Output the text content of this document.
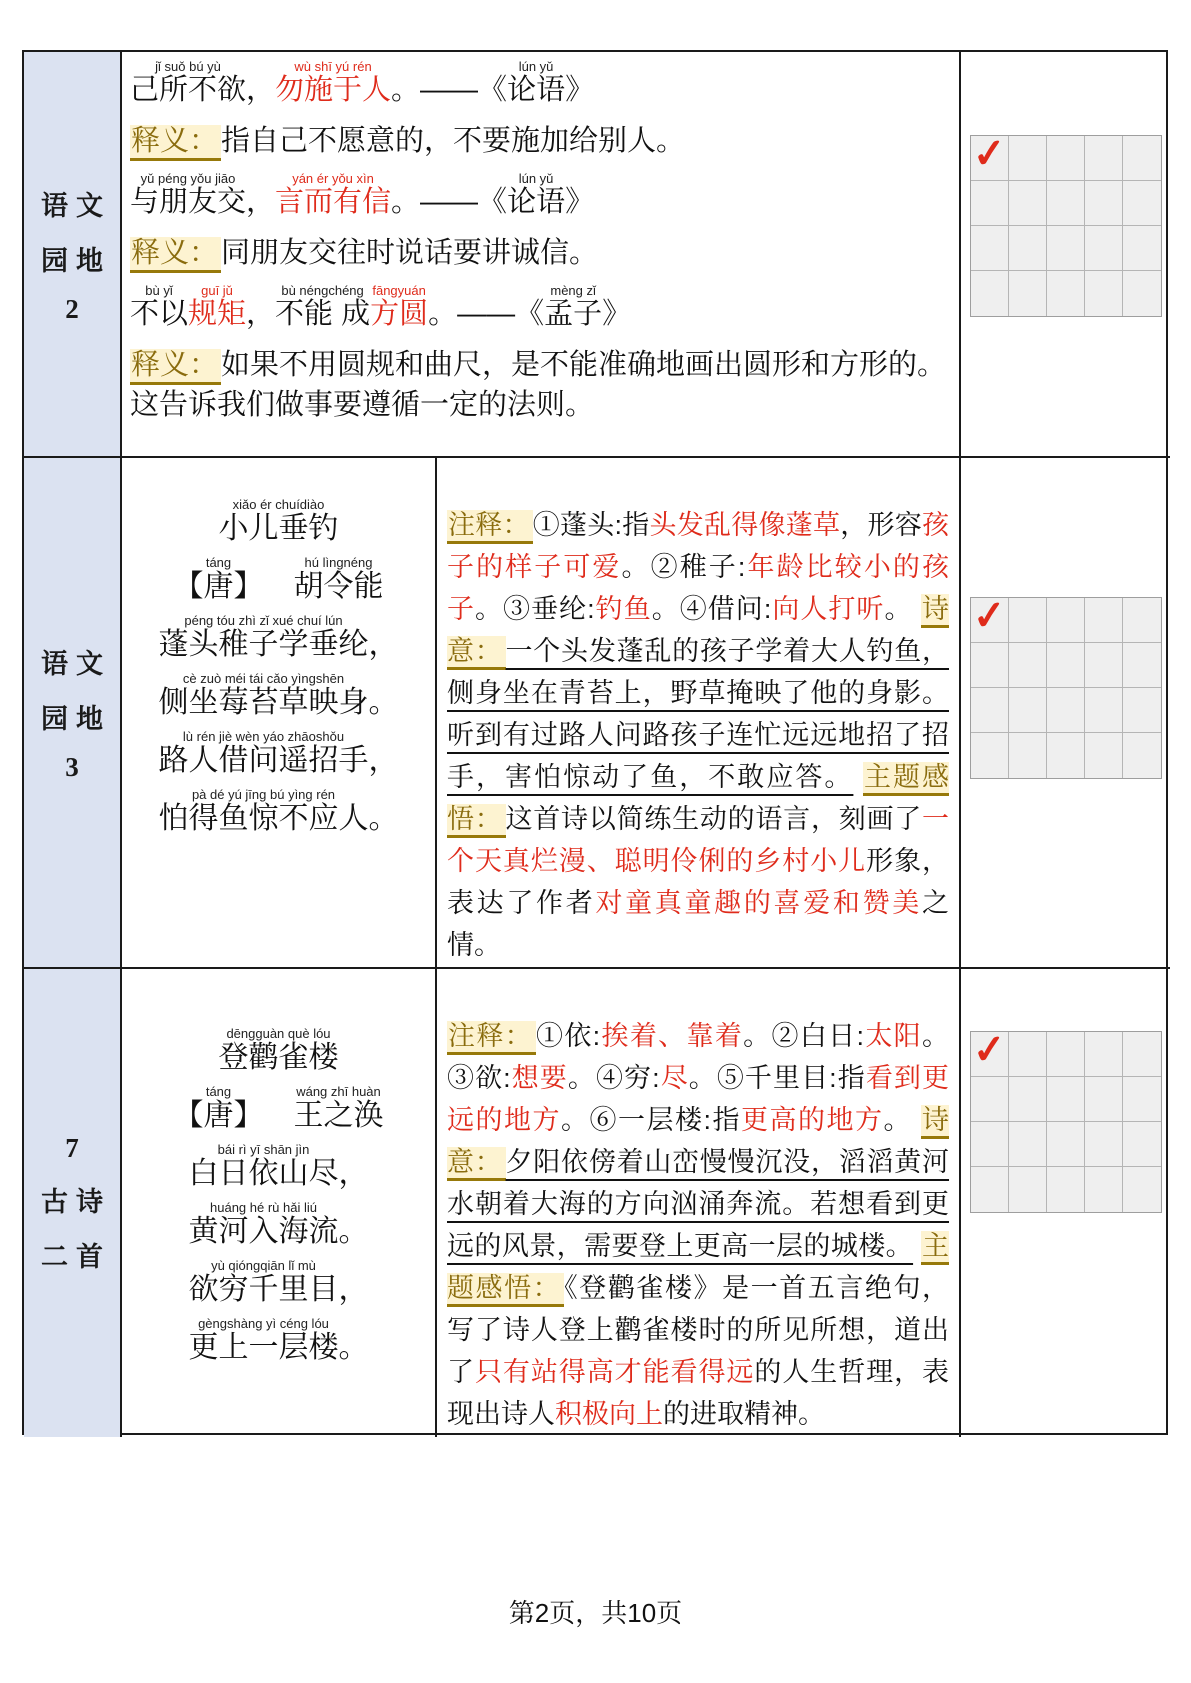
语文
园地
2
己所不欲jǐ suǒ bú yù，勿施于人wù shī yú rén。——《论语lún yǔ》
释义： 指自己不愿意的，不要施加给别人。
与朋友交yǔ péng yǒu jiāo，言而有信yán ér yǒu xìn。——《论语lún yǔ》
释义： 同朋友交往时说话要讲诚信。
不以bù yǐ规矩guī jǔ，不能 成bù néngchéng方圆fāngyuán。——《孟子mèng zǐ》
释义： 如果不用圆规和曲尺，是不能准确地画出圆形和方形的。这告诉我们做事要遵循一定的法则。
✓
语文
园地
3
小儿垂钓xiǎo ér chuídiào
【唐】táng　胡令能hú lìngnéng
蓬头稚子学垂纶péng tóu zhì zǐ xué chuí lún，
侧坐莓苔草映身cè zuò méi tái cǎo yìngshēn。
路人借问遥招手lù rén jiè wèn yáo zhāoshǒu，
怕得鱼惊不应人pà dé yú jīng bú yìng rén。
注释： ①蓬头:指头发乱得像蓬草，形容孩子的样子可爱。②稚子:年龄比较小的孩子。③垂纶:钓鱼。④借问:向人打听。 诗意： 一个头发蓬乱的孩子学着大人钓鱼，侧身坐在青苔上，野草掩映了他的身影。听到有过路人问路孩子连忙远远地招了招手，害怕惊动了鱼，不敢应答。 主题感悟： 这首诗以简练生动的语言，刻画了一个天真烂漫、聪明伶俐的乡村小儿形象，表达了作者对童真童趣的喜爱和赞美之情。
✓
7
古诗
二首
登鹳雀楼dēngguàn què lóu
【唐】táng　王之涣wáng zhī huàn
白日依山尽bái rì yī shān jìn，
黄河入海流huáng hé rù hǎi liú。
欲穷千里目yù qióngqiān lǐ mù，
更上一层楼gèngshàng yì céng lóu。
注释： ①依:挨着、靠着。②白日:太阳。③欲:想要。④穷:尽。⑤千里目:指看到更远的地方。⑥一层楼:指更高的地方。 诗意： 夕阳依傍着山峦慢慢沉没，滔滔黄河水朝着大海的方向汹涌奔流。若想看到更远的风景，需要登上更高一层的城楼。 主题感悟： 《登鹳雀楼》是一首五言绝句，写了诗人登上鹳雀楼时的所见所想，道出了只有站得高才能看得远的人生哲理，表现出诗人积极向上的进取精神。
✓
第2页，共10页
